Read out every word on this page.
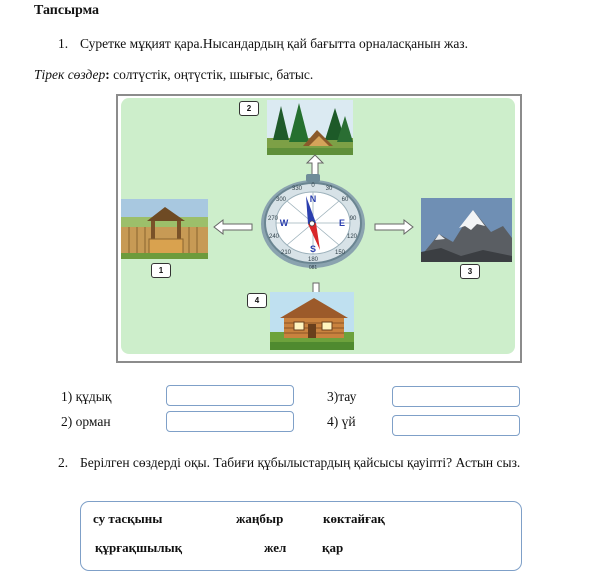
Тапсырма
1. Суретке мұқият қара.Нысандардың қай бағытта орналасқанын жаз.
Тірек сөздер: солтүстік, оңтүстік, шығыс, батыс.
2
1
330
300
270
240
210
180
150
120
90
60
30
0
N
S
E
W
081	3
4
1) құдық
2) орман
3)тау
4) үй
2. Берілген сөздерді оқы. Табиғи құбылыстардың қайсысы қауіпті? Астын сыз.
су тасқыны	жаңбыр	көктайғақ
құрғақшылық	жел	қар
